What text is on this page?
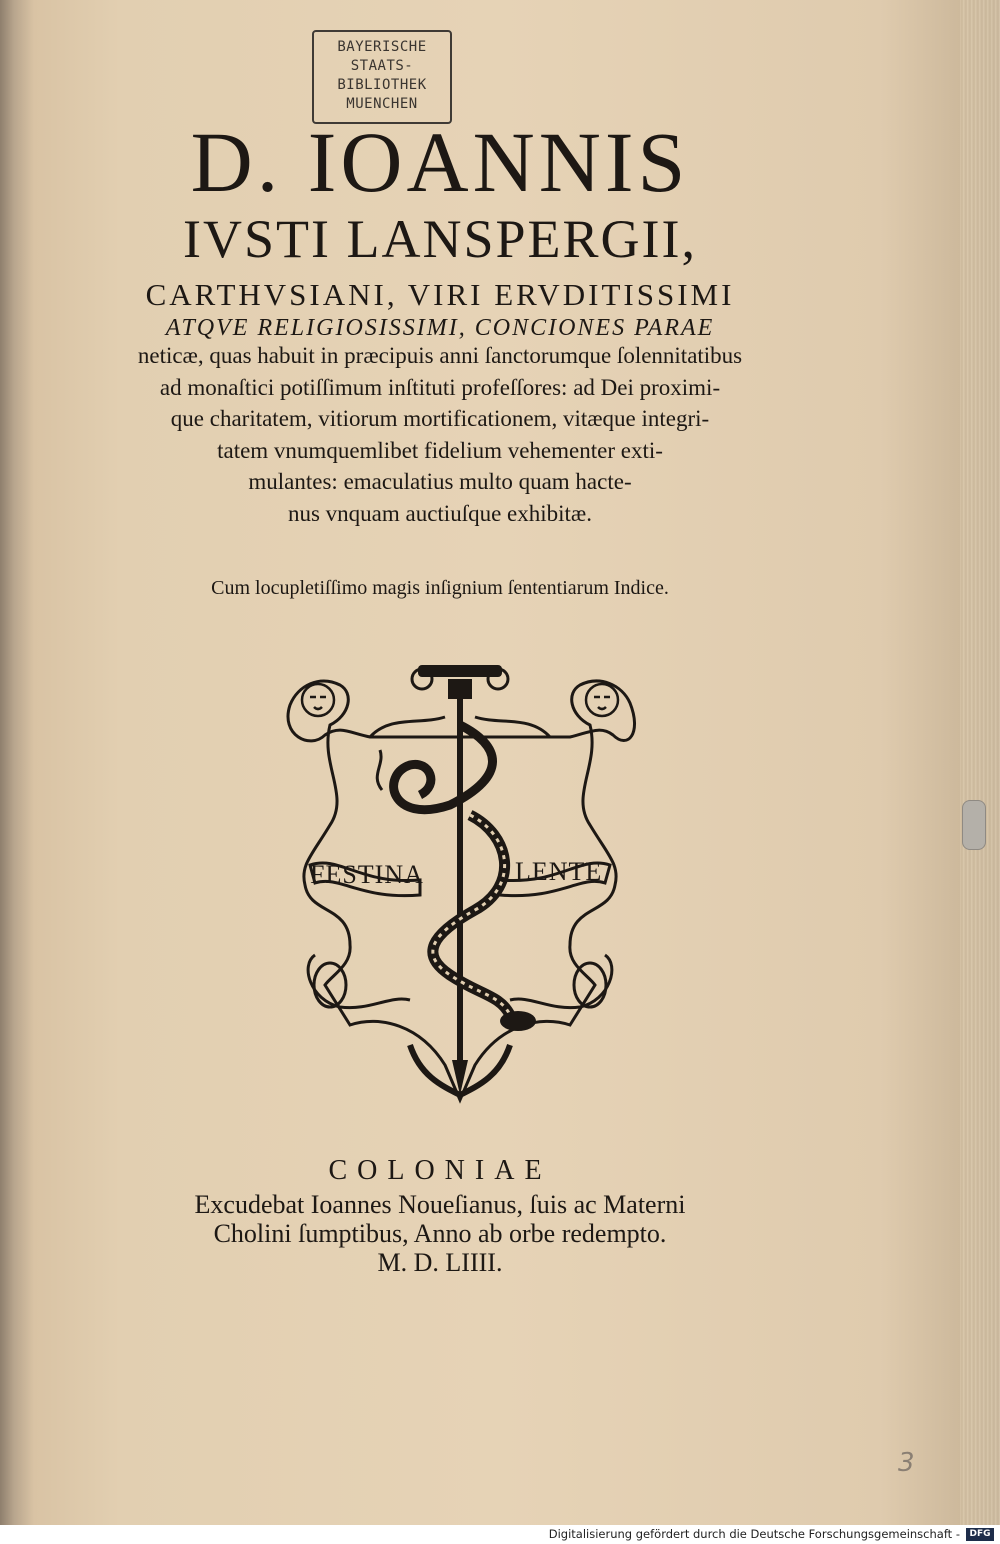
BAYERISCHE
STAATS-
BIBLIOTHEK
MUENCHEN
D. IOANNIS
IVSTI LANSPERGII,
CARTHVSIANI, VIRI ERVDITISSIMI
ATQVE RELIGIOSISSIMI, CONCIONES PARAE
neticæ, quas habuit in præcipuis anni ſanctorumque ſolennitatibus
ad monaſtici potiſſimum inſtituti profeſſores: ad Dei proximi-
que charitatem, vitiorum mortificationem, vitæque integri-
tatem vnumquemlibet fidelium vehementer exti-
mulantes: emaculatius multo quam hacte-
nus vnquam auctiuſque exhibitæ.
Cum locupletiſſimo magis inſignium ſententiarum Indice.
FESTINA	LENTE
COLONIAE
Excudebat Ioannes Noueſianus, ſuis ac Materni
Cholini ſumptibus, Anno ab orbe redempto.
M. D. LIIII.
3
Digitalisierung gefördert durch die Deutsche Forschungsgemeinschaft -	DFG
